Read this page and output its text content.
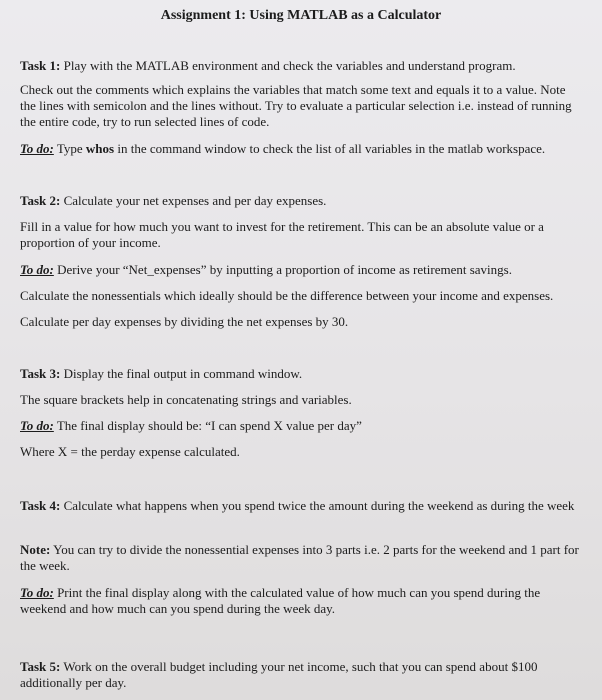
Assignment 1: Using MATLAB as a Calculator
Task 1: Play with the MATLAB environment and check the variables and understand program.
Check out the comments which explains the variables that match some text and equals it to a value. Note the lines with semicolon and the lines without. Try to evaluate a particular selection i.e. instead of running the entire code, try to run selected lines of code.
To do: Type whos in the command window to check the list of all variables in the matlab workspace.
Task 2: Calculate your net expenses and per day expenses.
Fill in a value for how much you want to invest for the retirement. This can be an absolute value or a proportion of your income.
To do: Derive your “Net_expenses” by inputting a proportion of income as retirement savings.
Calculate the nonessentials which ideally should be the difference between your income and expenses.
Calculate per day expenses by dividing the net expenses by 30.
Task 3: Display the final output in command window.
The square brackets help in concatenating strings and variables.
To do: The final display should be: “I can spend X value per day”
Where X = the perday expense calculated.
Task 4: Calculate what happens when you spend twice the amount during the weekend as during the week
Note: You can try to divide the nonessential expenses into 3 parts i.e. 2 parts for the weekend and 1 part for the week.
To do: Print the final display along with the calculated value of how much can you spend during the weekend and how much can you spend during the week day.
Task 5: Work on the overall budget including your net income, such that you can spend about $100 additionally per day.
